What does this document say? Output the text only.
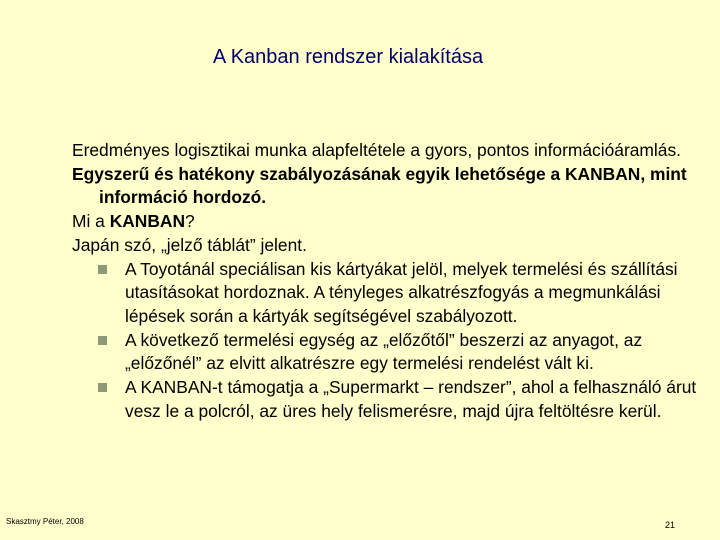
A Kanban rendszer kialakítása

Eredményes logisztikai munka alapfeltétele a gyors, pontos információáramlás.

Egyszerű és hatékony szabályozásának egyik lehetősége a KANBAN, mint információ hordozó.

Mi a KANBAN?

Japán szó, „jelző táblát” jelent.

A Toyotánál speciálisan kis kártyákat jelöl, melyek termelési és szállítási utasításokat hordoznak. A tényleges alkatrészfogyás a megmunkálási lépések során a kártyák segítségével szabályozott.
A következő termelési egység az „előzőtől” beszerzi az anyagot, az „előzőnél” az elvitt alkatrészre egy termelési rendelést vált ki.
A KANBAN-t támogatja a „Supermarkt – rendszer”, ahol a felhasználó árut vesz le a polcról, az üres hely felismerésre, majd újra feltöltésre kerül.
Skasztmy Péter, 2008	21
